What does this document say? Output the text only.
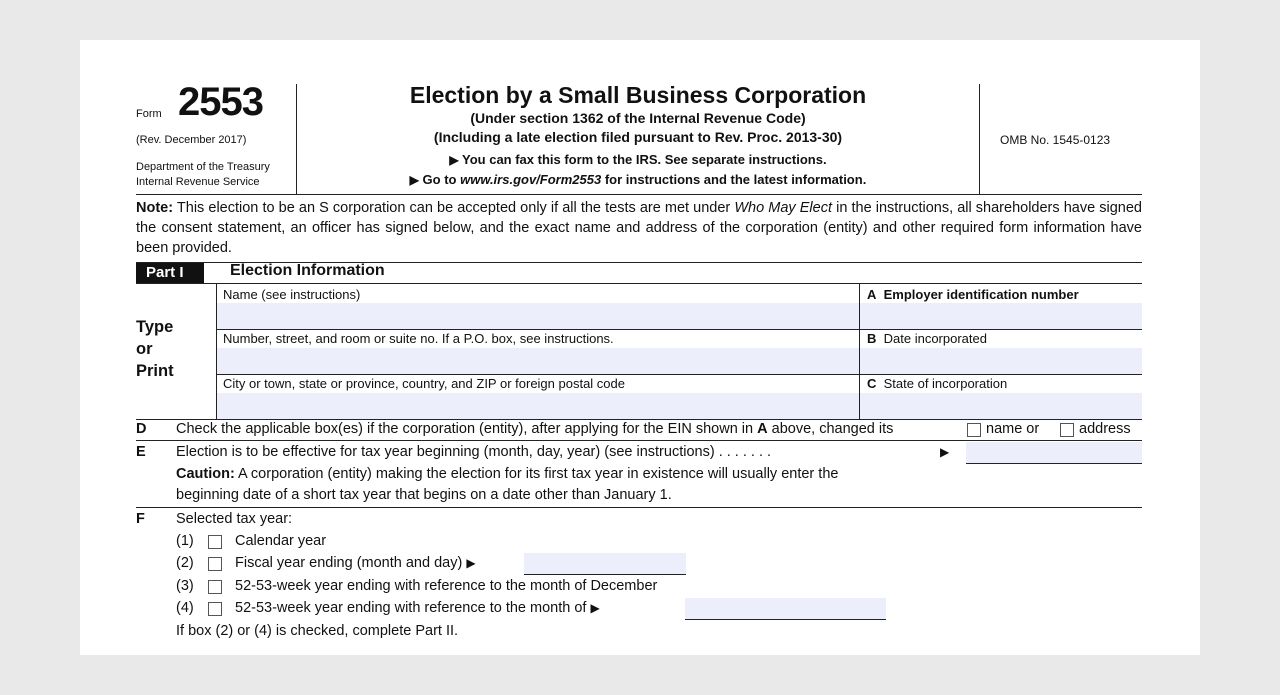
Form 2553
(Rev. December 2017)
Department of the Treasury
Internal Revenue Service
Election by a Small Business Corporation
(Under section 1362 of the Internal Revenue Code)
(Including a late election filed pursuant to Rev. Proc. 2013-30)
▶ You can fax this form to the IRS. See separate instructions.
▶ Go to www.irs.gov/Form2553 for instructions and the latest information.
OMB No. 1545-0123
Note: This election to be an S corporation can be accepted only if all the tests are met under Who May Elect in the instructions, all shareholders have signed the consent statement, an officer has signed below, and the exact name and address of the corporation (entity) and other required form information have been provided.
Part I	Election Information
Type
or
Print
Name (see instructions)	A Employer identification number
Number, street, and room or suite no. If a P.O. box, see instructions.	B Date incorporated
City or town, state or province, country, and ZIP or foreign postal code	C State of incorporation
D Check the applicable box(es) if the corporation (entity), after applying for the EIN shown in A above, changed its	name or	address
E Election is to be effective for tax year beginning (month, day, year) (see instructions) . . . . . . .	▶
Caution: A corporation (entity) making the election for its first tax year in existence will usually enter the
beginning date of a short tax year that begins on a date other than January 1.
F Selected tax year:
(1)	Calendar year
(2)	Fiscal year ending (month and day) ▶
(3)	52-53-week year ending with reference to the month of December
(4)	52-53-week year ending with reference to the month of ▶
If box (2) or (4) is checked, complete Part II.
